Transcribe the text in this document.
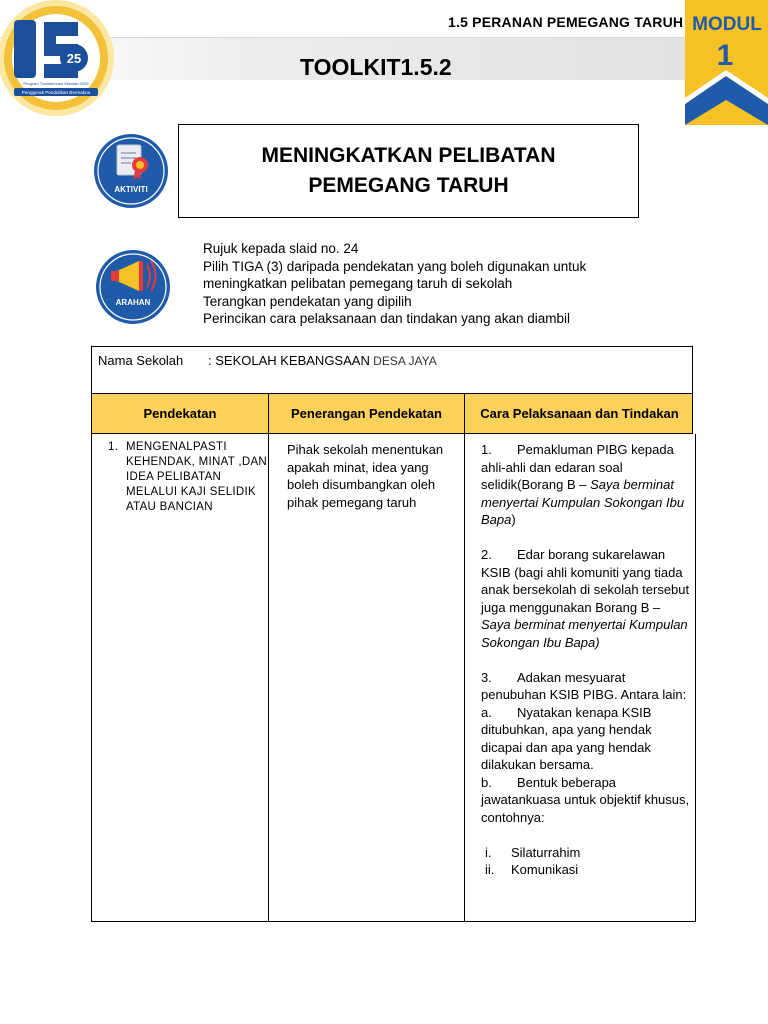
25
Program Transformasi Sekolah 2025
Penggerak Pendidikan Bermakna
1.5 PERANAN PEMEGANG TARUH
TOOLKIT1.5.2
MODUL
1
MENINGKATKAN PELIBATAN
PEMEGANG TARUH
AKTIVITI
ARAHAN
Rujuk kepada slaid no. 24
Pilih TIGA (3) daripada pendekatan yang boleh digunakan untuk
meningkatkan pelibatan pemegang taruh di sekolah
Terangkan pendekatan yang dipilih
Perincikan cara pelaksanaan dan tindakan yang akan diambil
Nama Sekolah : SEKOLAH KEBANGSAAN DESA JAYA
Pendekatan	Penerangan Pendekatan	Cara Pelaksanaan dan Tindakan
1. MENGENALPASTI KEHENDAK, MINAT ,DAN IDEA PELIBATAN MELALUI KAJI SELIDIK ATAU BANCIAN
Pihak sekolah menentukan apakah minat, idea yang boleh disumbangkan oleh pihak pemegang taruh

1. Pemakluman PIBG kepada ahli-ahli dan edaran soal selidik(Borang B – Saya berminat menyertai Kumpulan Sokongan Ibu Bapa)

2. Edar borang sukarelawan KSIB (bagi ahli komuniti yang tiada anak bersekolah di sekolah tersebut juga menggunakan Borang B – Saya berminat menyertai Kumpulan Sokongan Ibu Bapa)

3. Adakan mesyuarat penubuhan KSIB PIBG. Antara lain:

a. Nyatakan kenapa KSIB ditubuhkan, apa yang hendak dicapai dan apa yang hendak dilakukan bersama.

b. Bentuk beberapa jawatankuasa untuk objektif khusus, contohnya:

i. Silaturrahim

ii. Komunikasi
